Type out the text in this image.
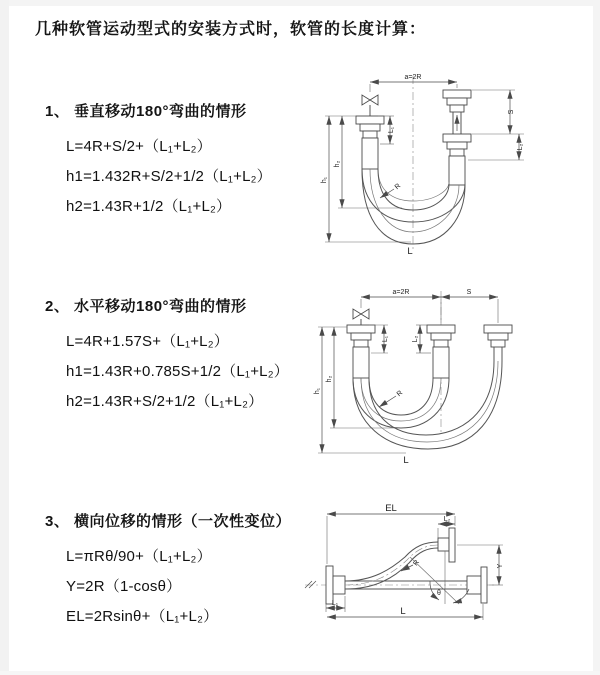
几种软管运动型式的安装方式时，软管的长度计算：
1、 垂直移动180°弯曲的情形
L=4R+S/2+（L₁+L₂）
h1=1.432R+S/2+1/2（L₁+L₂）
h2=1.43R+1/2（L₁+L₂）
2、 水平移动180°弯曲的情形
L=4R+1.57S+（L₁+L₂）
h1=1.43R+0.785S+1/2（L₁+L₂）
h2=1.43R+S/2+1/2（L₁+L₂）
3、 横向位移的情形（一次性变位）
L=πRθ/90+（L₁+L₂）
Y=2R（1-cosθ）
EL=2Rsinθ+（L₁+L₂）
a=2R
L₁
S
L₂
h₁
h₂
R
L
a=2R	S
L₁	L₂
h₁
h₂
R
L
EL
L₂
R
θ
Y
L₁
L
